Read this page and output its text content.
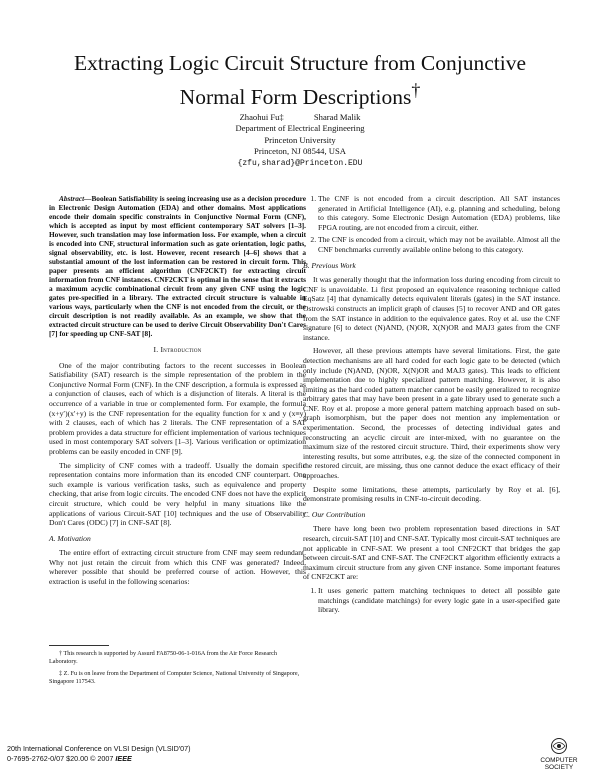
Extracting Logic Circuit Structure from Conjunctive Normal Form Descriptions†
Zhaohui Fu‡	Sharad Malik
Department of Electrical Engineering
Princeton University
Princeton, NJ 08544, USA
{zfu,sharad}@Princeton.EDU

Abstract—Boolean Satisfiability is seeing increasing use as a decision procedure in Electronic Design Automation (EDA) and other domains. Most applications encode their domain specific constraints in Conjunctive Normal Form (CNF), which is accepted as input by most efficient contemporary SAT solvers [1–3]. However, such translation may lose information loss. For example, when a circuit is encoded into CNF, structural information such as gate orientation, logic paths, signal observability, etc. is lost. However, recent research [4–6] shows that a substantial amount of the lost information can be restored in circuit form. This paper presents an efficient algorithm (CNF2CKT) for extracting circuit information from CNF instances. CNF2CKT is optimal in the sense that it extracts a maximum acyclic combinational circuit from any given CNF using the logic gates pre-specified in a library. The extracted circuit structure is valuable in various ways, particularly when the CNF is not encoded from the circuit, or the circuit description is not readily available. As an example, we show that the extracted circuit structure can be used to derive Circuit Observability Don't Cares [7] for speeding up CNF-SAT [8].

I. Introduction

One of the major contributing factors to the recent successes in Boolean Satisfiability (SAT) research is the simple representation of the problem in the Conjunctive Normal Form (CNF). In the CNF description, a formula is expressed as a conjunction of clauses, each of which is a disjunction of literals. A literal is the occurrence of a variable in true or complemented form. For example, the formula (x+y′)(x′+y) is the CNF representation for the equality function for x and y (x≡y) with 2 clauses, each of which has 2 literals. The CNF representation of a SAT problem provides a data structure for efficient implementation of various techniques used in most contemporary SAT solvers [1–3]. Various verification or optimization problems can be easily encoded in CNF [9].

The simplicity of CNF comes with a tradeoff. Usually the domain specific representation contains more information than its encoded CNF counterpart. One such example is various verification tasks, such as equivalence and property checking, that arise from logic circuits. The encoded CNF does not have the explicit circuit structure, which could be very helpful in many situations like the applications of various Circuit-SAT [10] techniques and the use of Observability Don't Cares (ODC) [7] in CNF-SAT [8].

A. Motivation

The entire effort of extracting circuit structure from CNF may seem redundant. Why not just retain the circuit from which this CNF was generated? Indeed, wherever possible that should be preferred course of action. However, this extraction is useful in the following scenarios:

† This research is supported by Assurd FA8750-06-1-016A from the Air Force Research Laboratory.

‡ Z. Fu is on leave from the Department of Computer Science, National University of Singapore, Singapore 117543.

1. The CNF is not encoded from a circuit description. All SAT instances generated in Artificial Intelligence (AI), e.g. planning and scheduling, belong to this category. Some Electronic Design Automation (EDA) problems, like FPGA routing, are not encoded from a circuit, either.
2. The CNF is encoded from a circuit, which may not be available. Almost all the CNF benchmarks currently available online belong to this category.
B. Previous Work

It was generally thought that the information loss during encoding from circuit to CNF is unavoidable. Li first proposed an equivalence reasoning technique called EqSatz [4] that dynamically detects equivalent literals (gates) in the SAT instance. Ostrowski constructs an implicit graph of clauses [5] to recover AND and OR gates from the SAT instance in addition to the equivalence gates. Roy et al. use the CNF signature [6] to detect (N)AND, (N)OR, X(N)OR and MAJ3 gates from the CNF instance.

However, all these previous attempts have several limitations. First, the gate detection mechanisms are all hard coded for each logic gate to be detected (which only include (N)AND, (N)OR, X(N)OR and MAJ3 gates). This leads to efficient implementation due to highly specialized pattern matching. However, it is also limiting as the hard coded pattern matcher cannot be easily generalized to recognize arbitrary gates that may have been present in a gate library used to generate such a CNF. Roy et al. propose a more general pattern matching approach based on sub-graph isomorphism, but the paper does not mention any implementation or experimentation. Second, the processes of detecting individual gates and reconstructing an acyclic circuit are inter-mixed, with no guarantee on the maximum size of the restored circuit structure. Third, their experiments show very interesting results, but some attributes, e.g. the size of the connected component in the restored circuit, are missing, thus one cannot deduce the exact efficacy of their approaches.

Despite some limitations, these attempts, particularly by Roy et al. [6], demonstrate promising results in CNF-to-circuit decoding.

C. Our Contribution

There have long been two problem representation based directions in SAT research, circuit-SAT [10] and CNF-SAT. Typically most circuit-SAT techniques are not applicable in CNF-SAT. We present a tool CNF2CKT that bridges the gap between circuit-SAT and CNF-SAT. The CNF2CKT algorithm efficiently extracts a maximum circuit structure from any given CNF instance. Some important features of CNF2CKT are:

1. It uses generic pattern matching techniques to detect all possible gate matchings (candidate matchings) for every logic gate in a user-specified gate library.
20th International Conference on VLSI Design (VLSID'07)
0-7695-2762-0/07 $20.00 © 2007 IEEE	COMPUTER
SOCIETY
